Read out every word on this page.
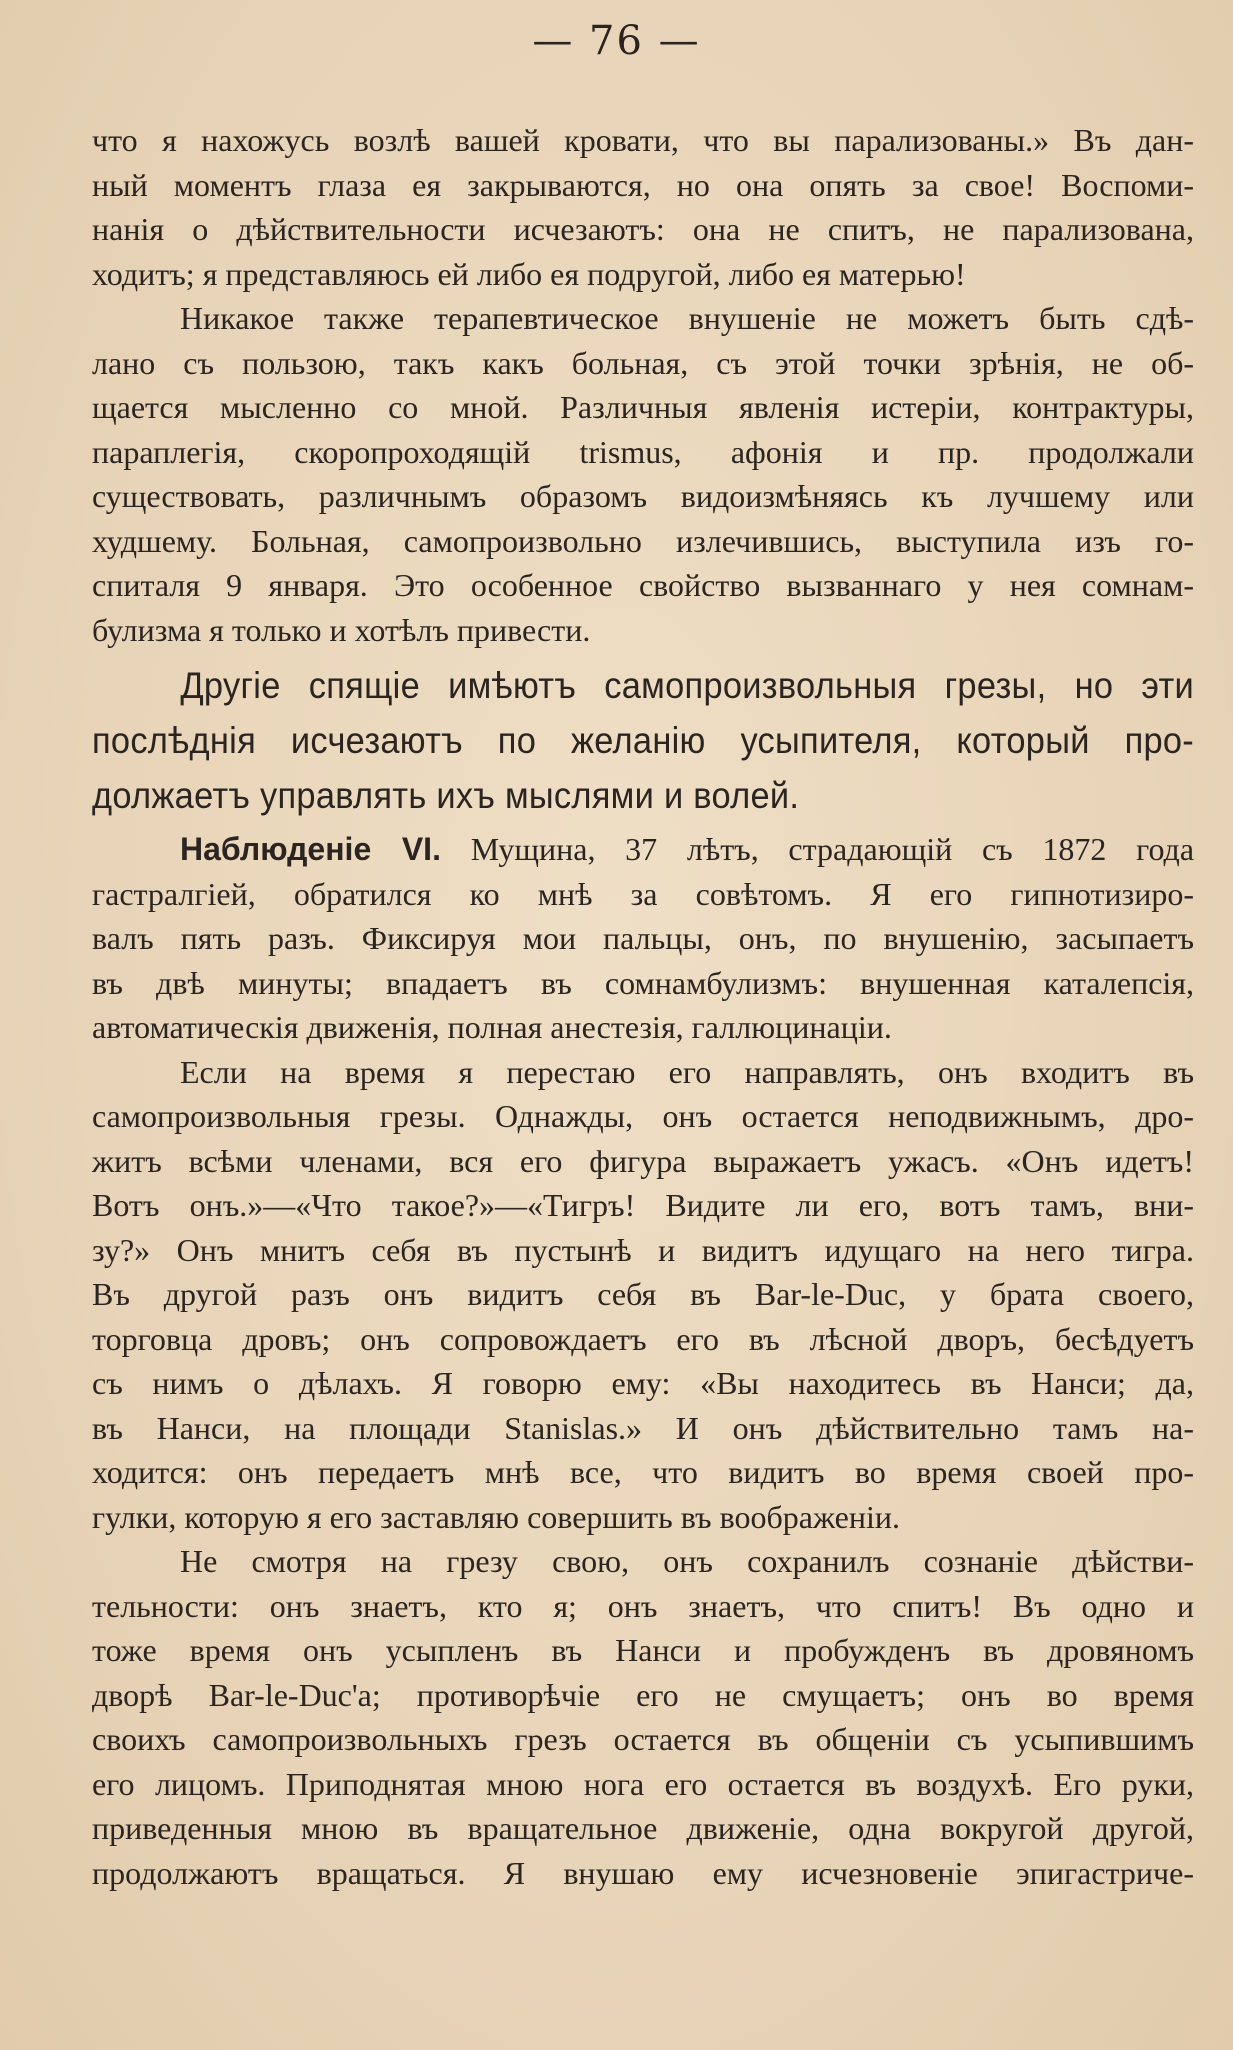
— 76 —

что я нахожусь возлѣ вашей кровати, что вы парализованы.» Въ дан-
ный моментъ глаза ея закрываются, но она опять за свое! Воспоми-
нанія о дѣйствительности исчезаютъ: она не спитъ, не парализована,
ходитъ; я представляюсь ей либо ея подругой, либо ея матерью!

Никакое также терапевтическое внушеніе не можетъ быть сдѣ-
лано съ пользою, такъ какъ больная, съ этой точки зрѣнія, не об-
щается мысленно со мной. Различныя явленія истеріи, контрактуры,
параплегія, скоропроходящій trismus, афонія и пр. продолжали
существовать, различнымъ образомъ видоизмѣняясь къ лучшему или
худшему. Больная, самопроизвольно излечившись, выступила изъ го-
спиталя 9 января. Это особенное свойство вызваннаго у нея сомнам-
булизма я только и хотѣлъ привести.

Другіе спящіе имѣютъ самопроизвольныя грезы, но эти
послѣднія исчезаютъ по желанію усыпителя, который про-
должаетъ управлять ихъ мыслями и волей.

Наблюденіе VI. Мущина, 37 лѣтъ, страдающій съ 1872 года
гастралгіей, обратился ко мнѣ за совѣтомъ. Я его гипнотизиро-
валъ пять разъ. Фиксируя мои пальцы, онъ, по внушенію, засыпаетъ
въ двѣ минуты; впадаетъ въ сомнамбулизмъ: внушенная каталепсія,
автоматическія движенія, полная анестезія, галлюцинаціи.

Если на время я перестаю его направлять, онъ входитъ въ
самопроизвольныя грезы. Однажды, онъ остается неподвижнымъ, дро-
житъ всѣми членами, вся его фигура выражаетъ ужасъ. «Онъ идетъ!
Вотъ онъ.»—«Что такое?»—«Тигръ! Видите ли его, вотъ тамъ, вни-
зу?» Онъ мнитъ себя въ пустынѣ и видитъ идущаго на него тигра.
Въ другой разъ онъ видитъ себя въ Bar-le-Duc, у брата своего,
торговца дровъ; онъ сопровождаетъ его въ лѣсной дворъ, бесѣдуетъ
съ нимъ о дѣлахъ. Я говорю ему: «Вы находитесь въ Нанси; да,
въ Нанси, на площади Stanislas.» И онъ дѣйствительно тамъ на-
ходится: онъ передаетъ мнѣ все, что видитъ во время своей про-
гулки, которую я его заставляю совершить въ воображеніи.

Не смотря на грезу свою, онъ сохранилъ сознаніе дѣйстви-
тельности: онъ знаетъ, кто я; онъ знаетъ, что спитъ! Въ одно и
тоже время онъ усыпленъ въ Нанси и пробужденъ въ дровяномъ
дворѣ Bar-le-Duc'a; противорѣчіе его не смущаетъ; онъ во время
своихъ самопроизвольныхъ грезъ остается въ общеніи съ усыпившимъ
его лицомъ. Приподнятая мною нога его остается въ воздухѣ. Его руки,
приведенныя мною въ вращательное движеніе, одна вокругой другой,
продолжаютъ вращаться. Я внушаю ему исчезновеніе эпигастриче-
